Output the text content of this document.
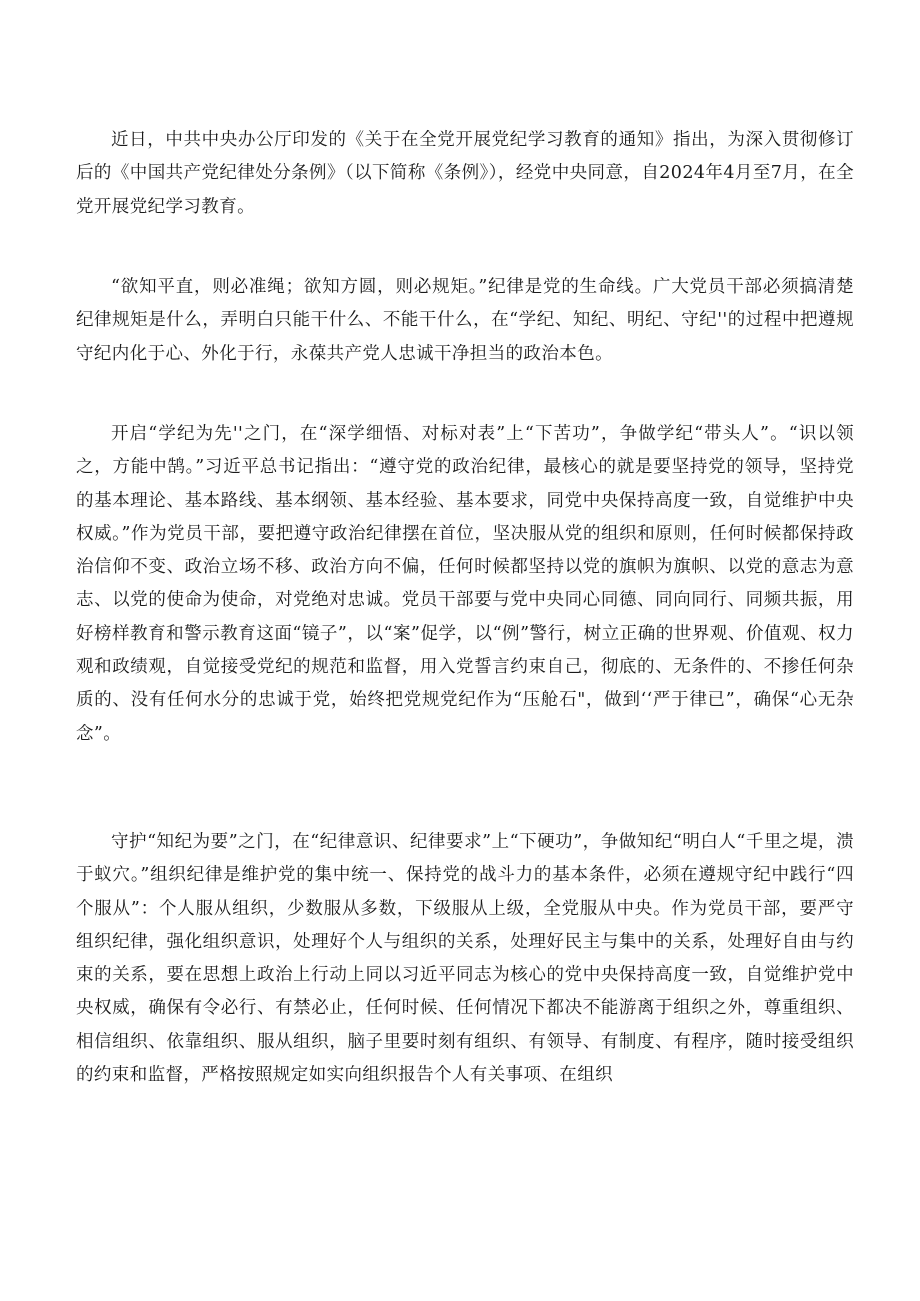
近日，中共中央办公厅印发的《关于在全党开展党纪学习教育的通知》指出，为深入贯彻修订后的《中国共产党纪律处分条例》（以下简称《条例》），经党中央同意，自2024年4月至7月，在全党开展党纪学习教育。

“欲知平直，则必准绳；欲知方圆，则必规矩。”纪律是党的生命线。广大党员干部必须搞清楚纪律规矩是什么，弄明白只能干什么、不能干什么，在“学纪、知纪、明纪、守纪''的过程中把遵规守纪内化于心、外化于行，永葆共产党人忠诚干净担当的政治本色。

开启“学纪为先''之门，在“深学细悟、对标对表”上“下苦功”，争做学纪“带头人”。“识以领之，方能中鹄。”习近平总书记指出：“遵守党的政治纪律，最核心的就是要坚持党的领导，坚持党的基本理论、基本路线、基本纲领、基本经验、基本要求，同党中央保持高度一致，自觉维护中央权威。”作为党员干部，要把遵守政治纪律摆在首位，坚决服从党的组织和原则，任何时候都保持政治信仰不变、政治立场不移、政治方向不偏，任何时候都坚持以党的旗帜为旗帜、以党的意志为意志、以党的使命为使命，对党绝对忠诚。党员干部要与党中央同心同德、同向同行、同频共振，用好榜样教育和警示教育这面“镜子”，以“案”促学，以“例”警行，树立正确的世界观、价值观、权力观和政绩观，自觉接受党纪的规范和监督，用入党誓言约束自己，彻底的、无条件的、不掺任何杂质的、没有任何水分的忠诚于党，始终把党规党纪作为“压舱石"，做到‘‘严于律已”，确保“心无杂念”。

守护“知纪为要”之门，在“纪律意识、纪律要求”上“下硬功”，争做知纪“明白人“千里之堤，溃于蚁穴。”组织纪律是维护党的集中统一、保持党的战斗力的基本条件，必须在遵规守纪中践行“四个服从”：个人服从组织，少数服从多数，下级服从上级，全党服从中央。作为党员干部，要严守组织纪律，强化组织意识，处理好个人与组织的关系，处理好民主与集中的关系，处理好自由与约束的关系，要在思想上政治上行动上同以习近平同志为核心的党中央保持高度一致，自觉维护党中央权威，确保有令必行、有禁必止，任何时候、任何情况下都决不能游离于组织之外，尊重组织、相信组织、依靠组织、服从组织，脑子里要时刻有组织、有领导、有制度、有程序，随时接受组织的约束和监督，严格按照规定如实向组织报告个人有关事项、在组织
